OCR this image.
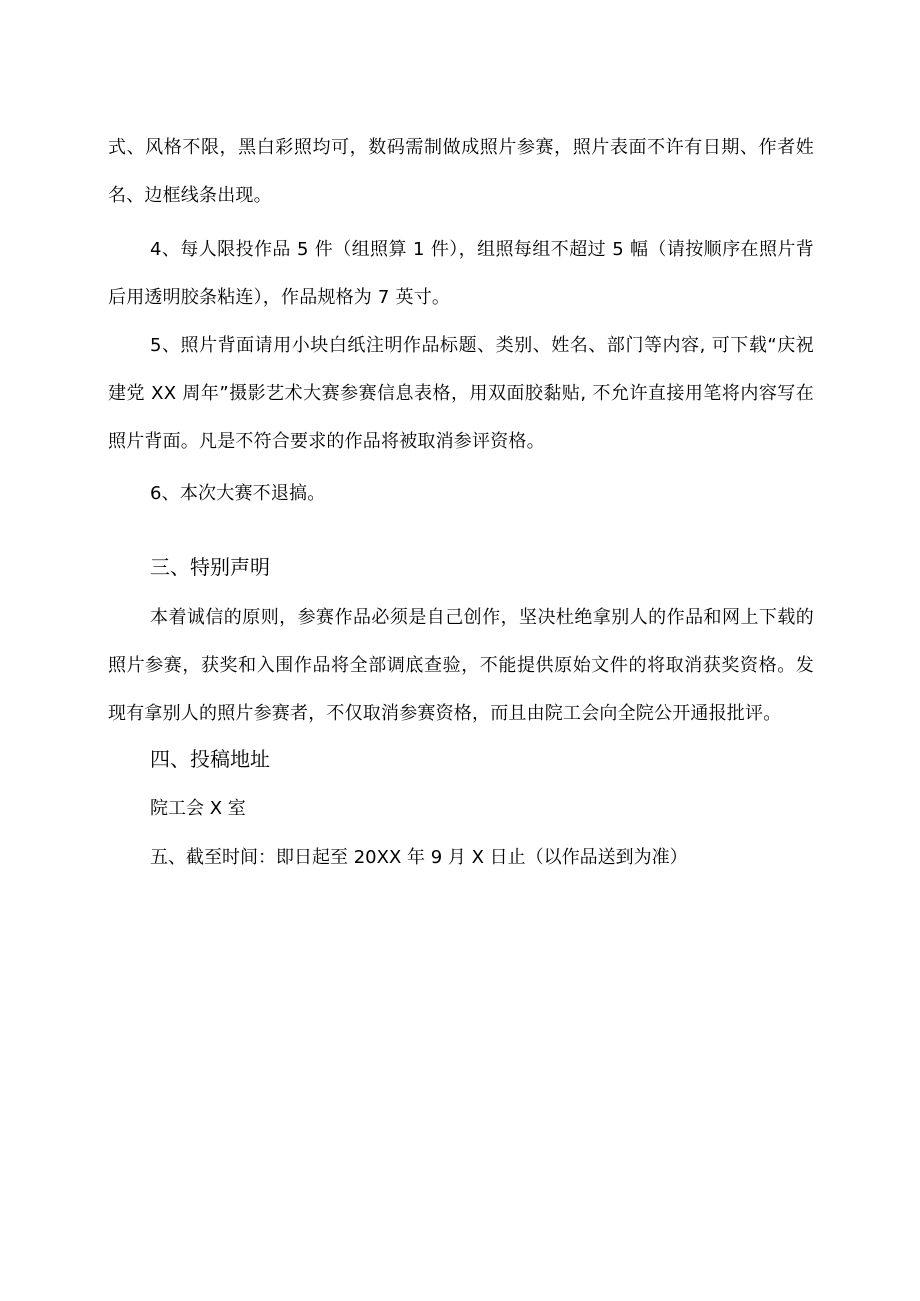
式、风格不限，黑白彩照均可，数码需制做成照片参赛，照片表面不许有日期、作者姓名、边框线条出现。
4、每人限投作品 5 件（组照算 1 件），组照每组不超过 5 幅（请按顺序在照片背后用透明胶条粘连），作品规格为 7 英寸。
5、照片背面请用小块白纸注明作品标题、类别、姓名、部门等内容, 可下载“庆祝建党 XX 周年”摄影艺术大赛参赛信息表格，用双面胶黏贴, 不允许直接用笔将内容写在照片背面。凡是不符合要求的作品将被取消参评资格。
6、本次大赛不退搞。
三、特别声明
本着诚信的原则，参赛作品必须是自己创作，坚决杜绝拿别人的作品和网上下载的照片参赛，获奖和入围作品将全部调底查验，不能提供原始文件的将取消获奖资格。发现有拿别人的照片参赛者，不仅取消参赛资格，而且由院工会向全院公开通报批评。
四、投稿地址
院工会 X 室
五、截至时间：即日起至 20XX 年 9 月 X 日止（以作品送到为准）
